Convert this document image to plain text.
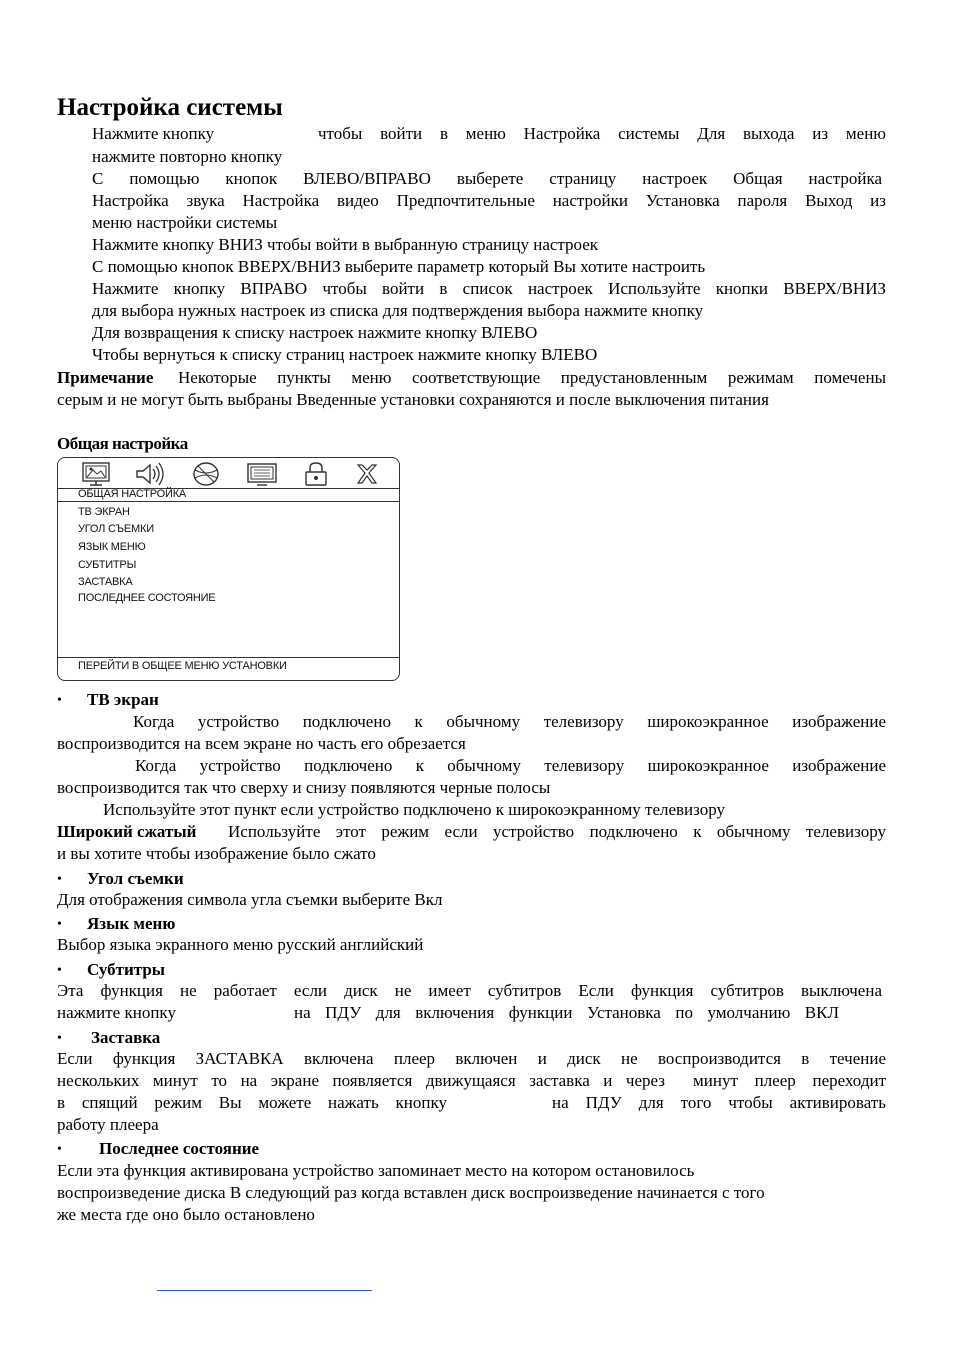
Настройка системы
Нажмите кнопку	чтобы войти в меню Настройка системы Для выхода из меню
нажмите повторно кнопку
С помощью кнопок ВЛЕВО/ВПРАВО выберете страницу настроек Общая настройка
Настройка звука Настройка видео Предпочтительные настройки Установка пароля Выход из
меню настройки системы
Нажмите кнопку ВНИЗ чтобы войти в выбранную страницу настроек
С помощью кнопок ВВЕРХ/ВНИЗ выберите параметр который Вы хотите настроить
Нажмите кнопку ВПРАВО чтобы войти в список настроек Используйте кнопки ВВЕРХ/ВНИЗ
для выбора нужных настроек из списка для подтверждения выбора нажмите кнопку
Для возвращения к списку настроек нажмите кнопку ВЛЕВО
Чтобы вернуться к списку страниц настроек нажмите кнопку ВЛЕВО
Примечание Некоторые пункты меню соответствующие предустановленным режимам помечены
серым и не могут быть выбраны Введенные установки сохраняются и после выключения питания
Общая настройка
ОБЩАЯ НАСТРОЙКА
ТВ ЭКРАН
УГОЛ СЪЕМКИ
ЯЗЫК МЕНЮ
СУБТИТРЫ
ЗАСТАВКА
ПОСЛЕДНЕЕ СОСТОЯНИЕ
ПЕРЕЙТИ В ОБЩЕЕ МЕНЮ УСТАНОВКИ
• ТВ экран
Когда устройство подключено к обычному телевизору широкоэкранное изображение
воспроизводится на всем экране но часть его обрезается
Когда устройство подключено к обычному телевизору широкоэкранное изображение
воспроизводится так что сверху и снизу появляются черные полосы
Используйте этот пункт если устройство подключено к широкоэкранному телевизору
Широкий сжатый Используйте этот режим если устройство подключено к обычному телевизору
и вы хотите чтобы изображение было сжато
• Угол съемки
Для отображения символа угла съемки выберите Вкл
• Язык меню
Выбор языка экранного меню русский английский
• Субтитры
Эта функция не работает если диск не имеет субтитров Если функция субтитров выключена
нажмите кнопку	на ПДУ для включения функции Установка по умолчанию ВКЛ
• Заставка
Если функция ЗАСТАВКА включена плеер включен и диск не воспроизводится в течение
нескольких минут то на экране появляется движущаяся заставка и через минут плеер переходит
в спящий режим Вы можете нажать кнопку	на ПДУ для того чтобы активировать
работу плеера
• Последнее состояние
Если эта функция активирована устройство запоминает место на котором остановилось
воспроизведение диска В следующий раз когда вставлен диск воспроизведение начинается с того
же места где оно было остановлено
